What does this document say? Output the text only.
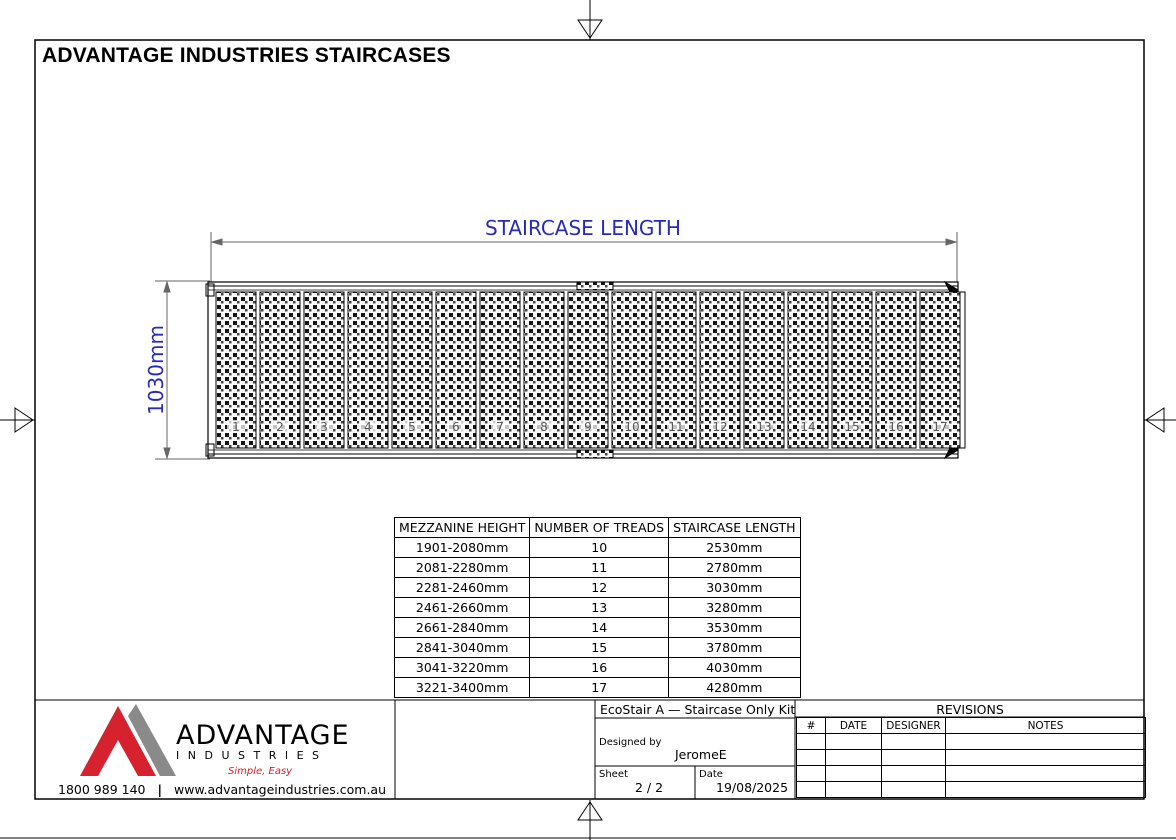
1	2	3	4	5	6	7	8	9	10 11 12 13 14 15 16 17
ADVANTAGE INDUSTRIES STAIRCASES
STAIRCASE LENGTH
1030mm
MEZZANINE HEIGHT	NUMBER OF TREADS	STAIRCASE LENGTH
1901-2080mm	10	2530mm
2081-2280mm	11	2780mm
2281-2460mm	12	3030mm
2461-2660mm	13	3280mm
2661-2840mm	14	3530mm
2841-3040mm	15	3780mm
3041-3220mm	16	4030mm
3221-3400mm	17	4280mm
ADVANTAGE
INDUSTRIES
Simple, Easy
1800 989 140 | www.advantageindustries.com.au
EcoStair A — Staircase Only Kit
Designed by
JeromeE
Sheet
2 / 2
Date
19/08/2025
REVISIONS
#	DATE	DESIGNER	NOTES
